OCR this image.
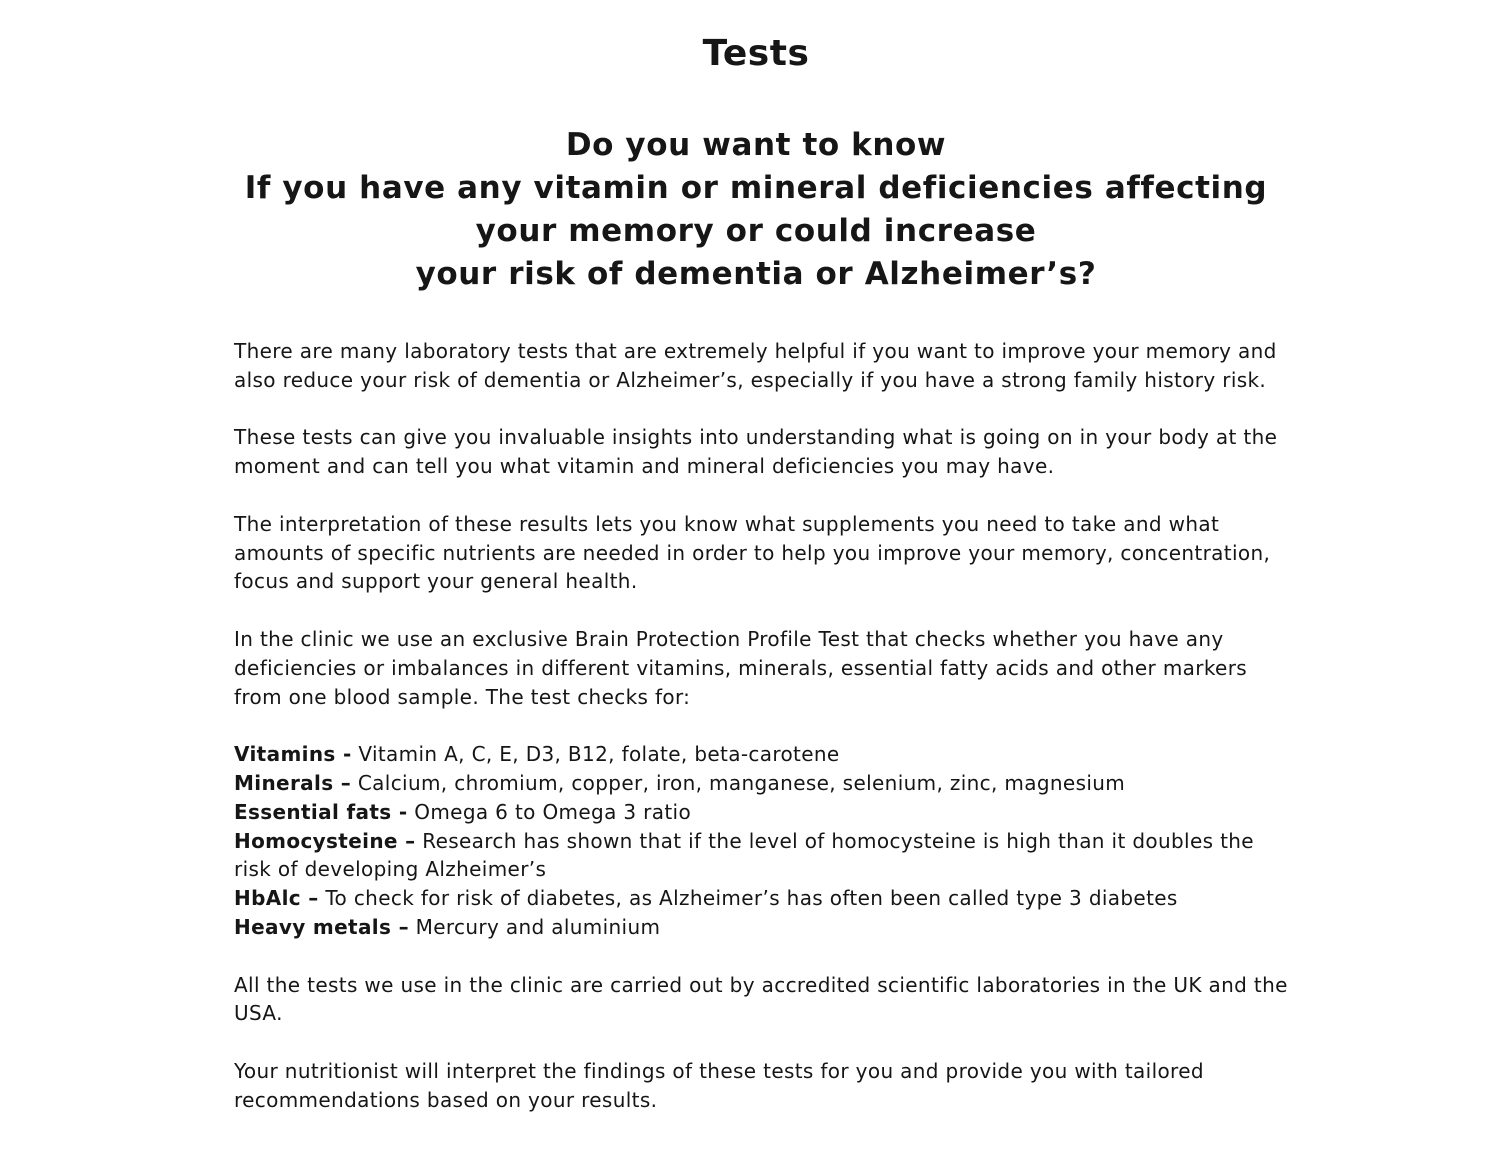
Tests
Do you want to know
If you have any vitamin or mineral deficiencies affecting
your memory or could increase
your risk of dementia or Alzheimer’s?

There are many laboratory tests that are extremely helpful if you want to improve your memory and also reduce your risk of dementia or Alzheimer’s, especially if you have a strong family history risk.

These tests can give you invaluable insights into understanding what is going on in your body at the moment and can tell you what vitamin and mineral deficiencies you may have.

The interpretation of these results lets you know what supplements you need to take and what amounts of specific nutrients are needed in order to help you improve your memory, concentration, focus and support your general health.

In the clinic we use an exclusive Brain Protection Profile Test that checks whether you have any deficiencies or imbalances in different vitamins, minerals, essential fatty acids and other markers from one blood sample. The test checks for:

Vitamins - Vitamin A, C, E, D3, B12, folate, beta-carotene
Minerals – Calcium, chromium, copper, iron, manganese, selenium, zinc, magnesium
Essential fats - Omega 6 to Omega 3 ratio
Homocysteine – Research has shown that if the level of homocysteine is high than it doubles the risk of developing Alzheimer’s
HbAlc – To check for risk of diabetes, as Alzheimer’s has often been called type 3 diabetes
Heavy metals – Mercury and aluminium

All the tests we use in the clinic are carried out by accredited scientific laboratories in the UK and the USA.

Your nutritionist will interpret the findings of these tests for you and provide you with tailored recommendations based on your results.
